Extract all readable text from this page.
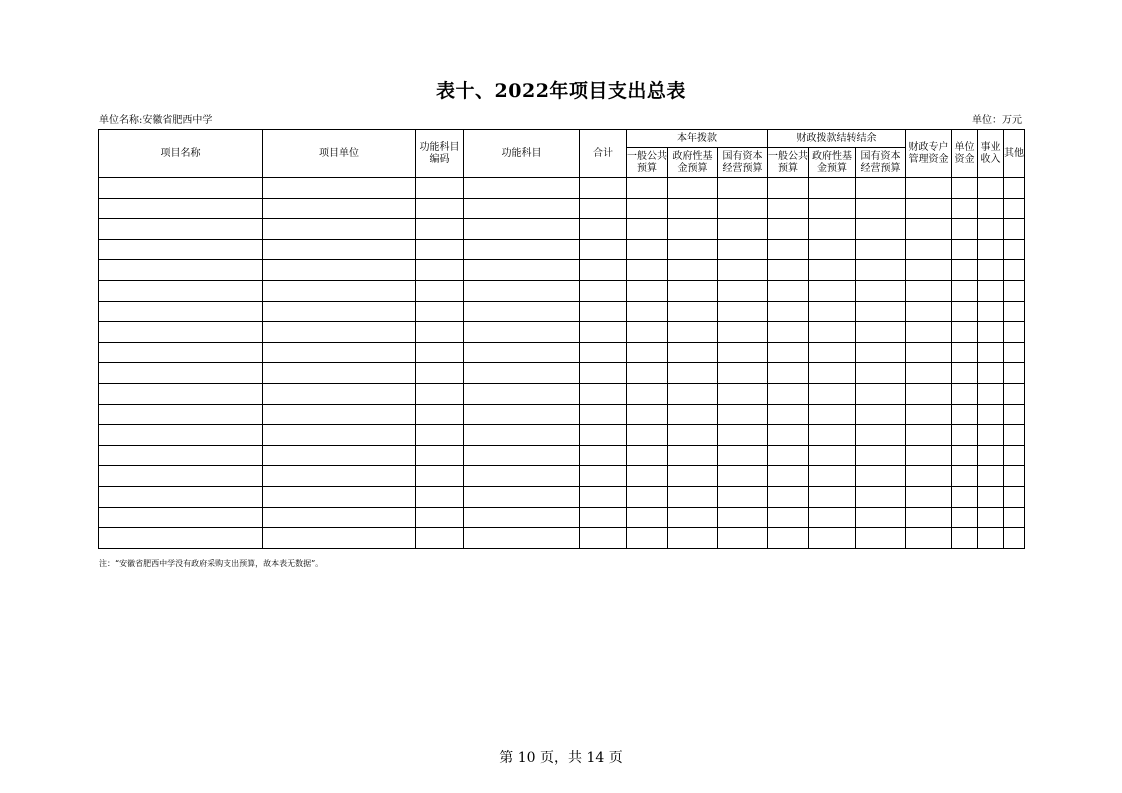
表十、2022年项目支出总表
单位名称:安徽省肥西中学	单位：万元
项目名称	项目单位	功能科目编码	功能科目	合计	本年拨款			财政拨款结转结余			财政专户管理资金	单位资金	事业收入	其他
					一般公共预算	政府性基金预算	国有资本经营预算	一般公共预算	政府性基金预算	国有资本经营预算				

注：“安徽省肥西中学没有政府采购支出预算，故本表无数据”。
第 10 页，共 14 页
